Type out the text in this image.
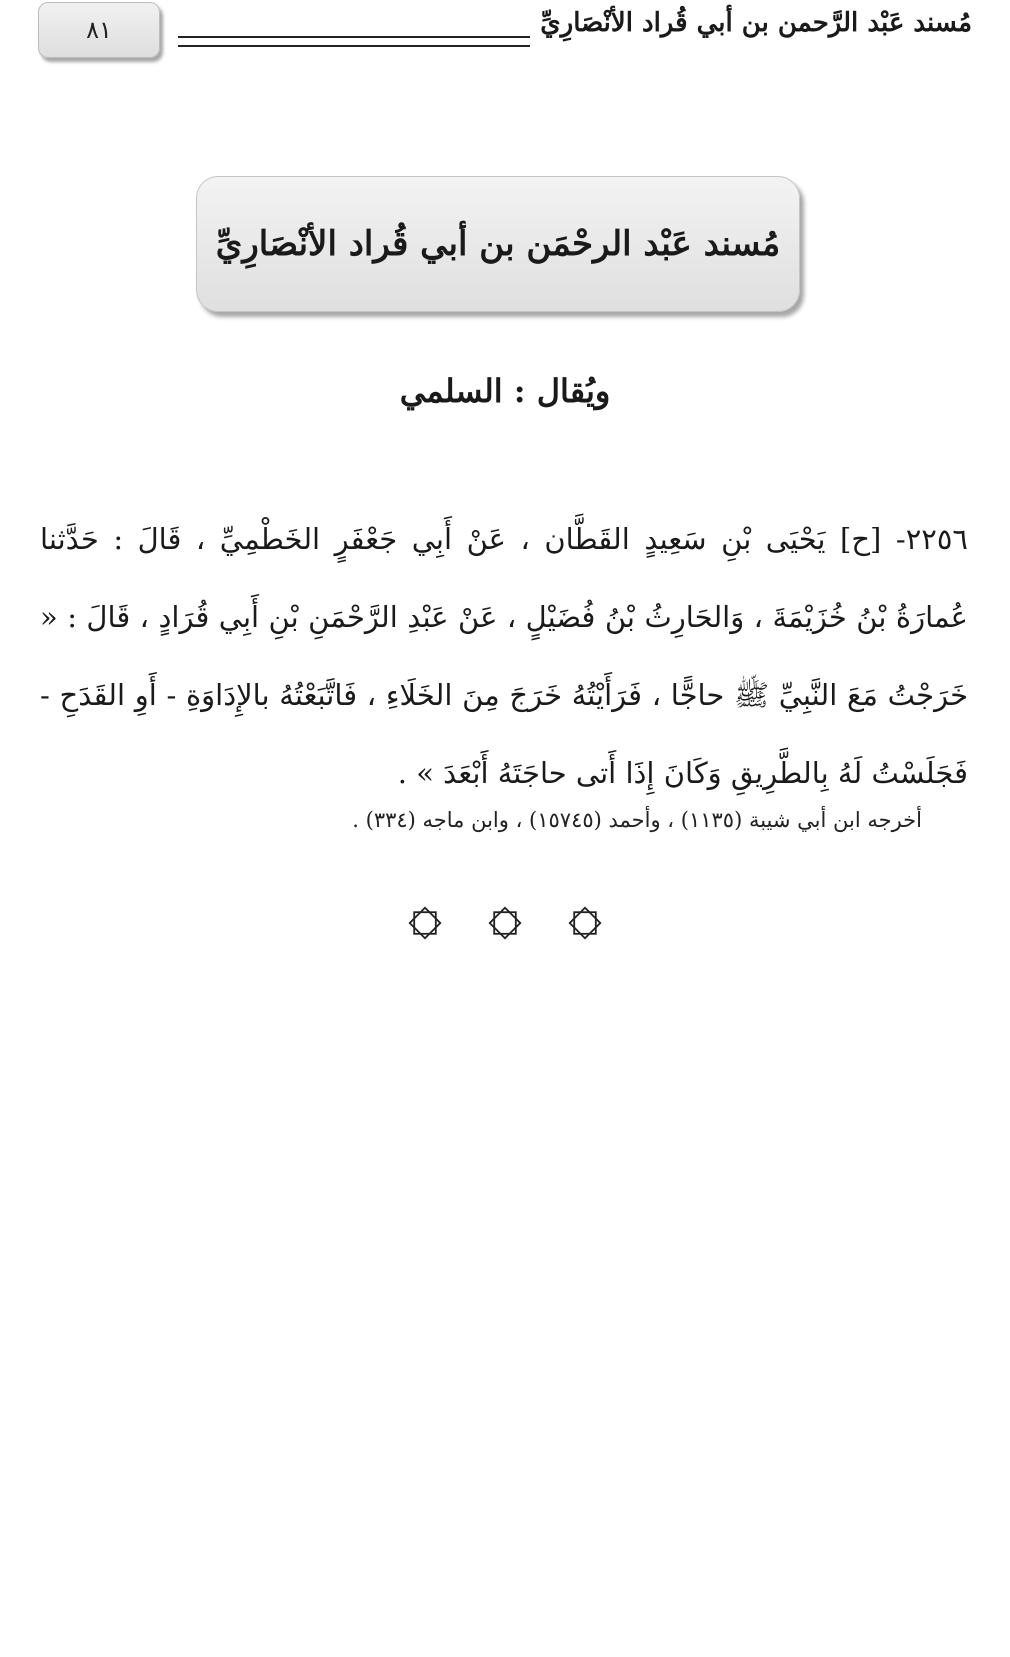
٨١	مُسند عَبْد الرَّحمن بن أبي قُراد الأنْصَارِيِّ
مُسند عَبْد الرحْمَن بن أبي قُراد الأنْصَارِيِّ
ويُقال : السلمي
٢٢٥٦- [ح] يَحْيَى بْنِ سَعِيدٍ القَطَّان ، عَنْ أَبِي جَعْفَرٍ الخَطْمِيِّ ، قَالَ : حَدَّثنا عُمارَةُ بْنُ خُزَيْمَةَ ، وَالحَارِثُ بْنُ فُضَيْلٍ ، عَنْ عَبْدِ الرَّحْمَنِ بْنِ أَبِي قُرَادٍ ، قَالَ : « خَرَجْتُ مَعَ النَّبِيِّ ﷺ حاجًّا ، فَرَأَيْتُهُ خَرَجَ مِنَ الخَلَاءِ ، فَاتَّبَعْتُهُ بالإِدَاوَةِ - أَوِ القَدَحِ - فَجَلَسْتُ لَهُ بِالطَّرِيقِ وَكَانَ إِذَا أَتى حاجَتَهُ أَبْعَدَ » .
أخرجه ابن أبي شيبة (١١٣٥) ، وأحمد (١٥٧٤٥) ، وابن ماجه (٣٣٤) .
